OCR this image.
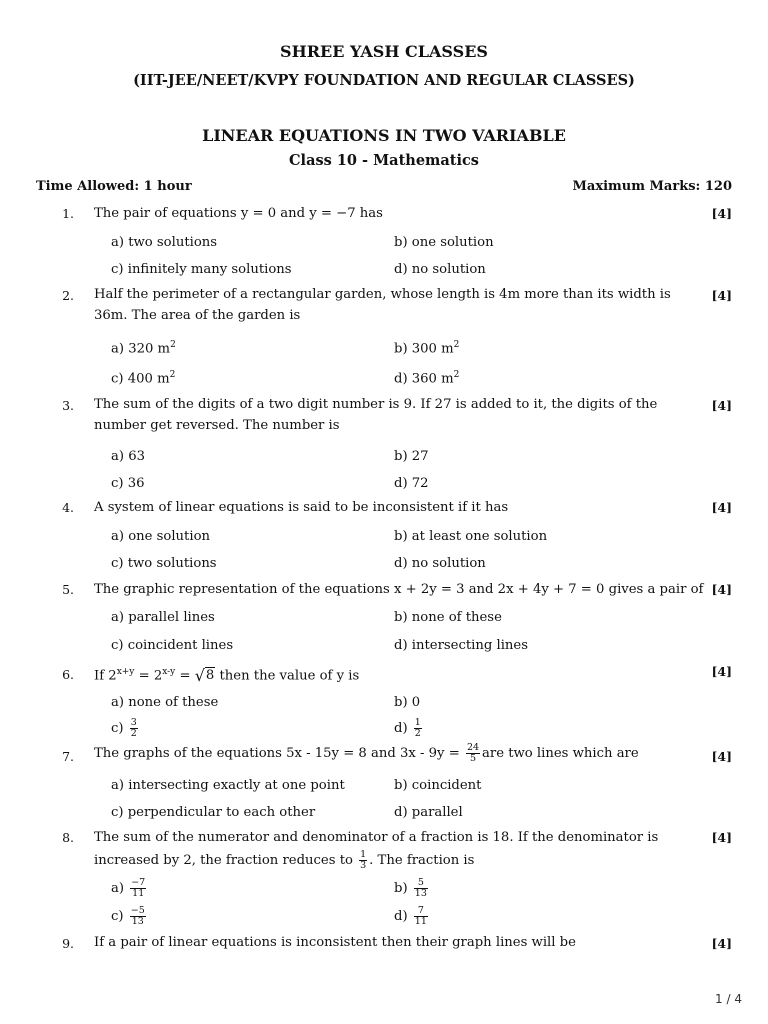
SHREE YASH CLASSES
(IIT-JEE/NEET/KVPY FOUNDATION AND REGULAR CLASSES)
LINEAR EQUATIONS IN TWO VARIABLE
Class 10 - Mathematics
Time Allowed: 1 hour	Maximum Marks: 120
1. The pair of equations y = 0 and y = −7 has	[4]
a) two solutions	b) one solution
c) infinitely many solutions	d) no solution
2. Half the perimeter of a rectangular garden, whose length is 4m more than its width is 36m. The area of the garden is
[4]
a) 320 $m^2$	b) 300 $m^2$
c) 400 $m^2$	d) 360 $m^2$
3. The sum of the digits of a two digit number is 9. If 27 is added to it, the digits of the number get reversed. The number is
[4]
a) 63	b) 27
c) 36	d) 72
4. A system of linear equations is said to be inconsistent if it has	[4]
a) one solution	b) at least one solution
c) two solutions	d) no solution
5. The graphic representation of the equations x + 2y = 3 and 2x + 4y + 7 = 0 gives a pair of [4]
a) parallel lines	b) none of these
c) coincident lines	d) intersecting lines
6. If $2^{x+y} = 2^{x-y} = √8$ then the value of y is	[4]
a) none of these	b) 0
$c) \frac{3}{2}$	$d) \frac{1}{2}$
7. The graphs of the equations 5x - 15y = 8 and $3x - 9y = \frac{24}{5}$ are two lines which are	[4]
a) intersecting exactly at one point	b) coincident
c) perpendicular to each other	d) parallel
8. The sum of the numerator and denominator of a fraction is 18. If the denominator is increased by 2, the fraction reduces to $\frac{1}{3}$ . The fraction is
[4]
$a) \frac{-7}{11}$	$b) \frac{5}{13}$
$c) \frac{-5}{13}$	$d) \frac{7}{11}$
9. If a pair of linear equations is inconsistent then their graph lines will be	[4]
1 / 4
